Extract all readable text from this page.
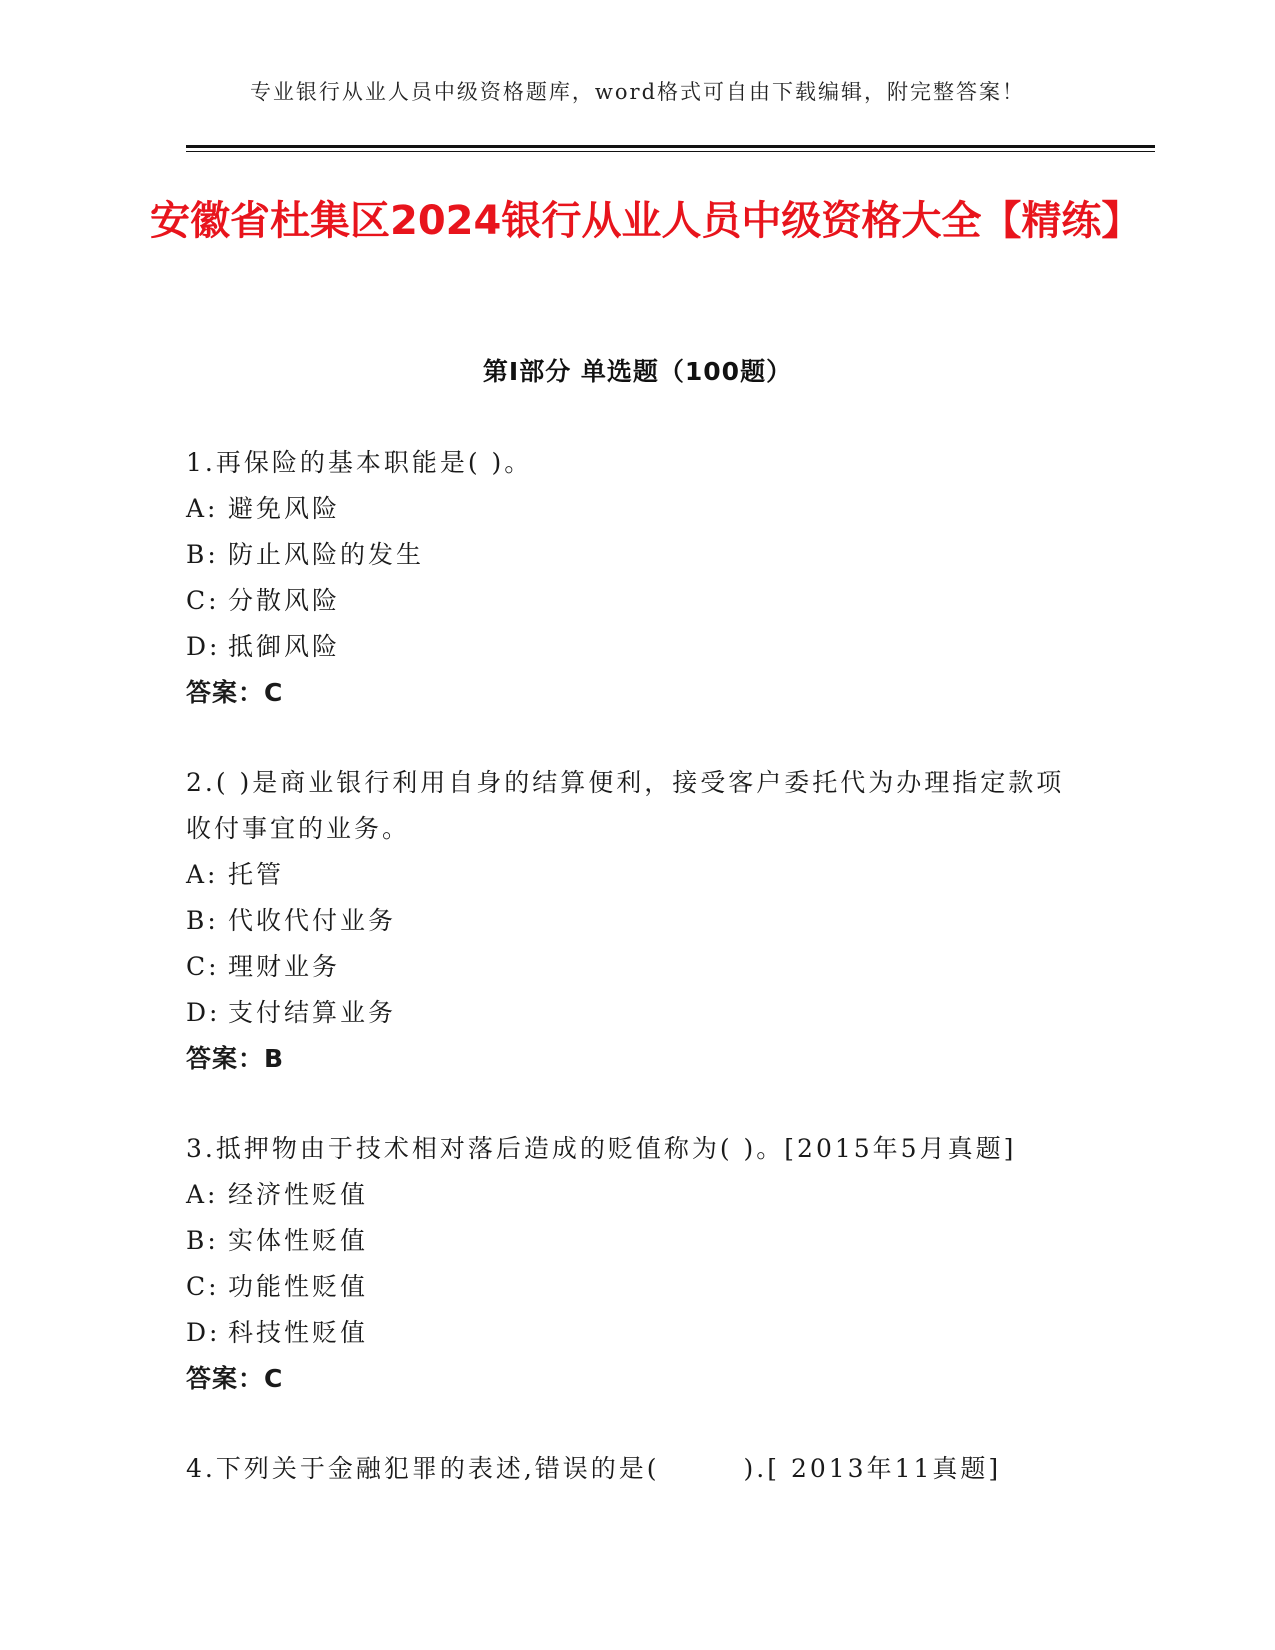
专业银行从业人员中级资格题库，word格式可自由下载编辑，附完整答案！
安徽省杜集区2024银行从业人员中级资格大全【精练】
第Ⅰ部分 单选题（100题）
1.再保险的基本职能是( )。
A: 避免风险
B: 防止风险的发生
C: 分散风险
D: 抵御风险
答案：C
2.( )是商业银行利用自身的结算便利，接受客户委托代为办理指定款项收付事宜的业务。
A: 托管
B: 代收代付业务
C: 理财业务
D: 支付结算业务
答案：B
3.抵押物由于技术相对落后造成的贬值称为( )。[2015年5月真题]
A: 经济性贬值
B: 实体性贬值
C: 功能性贬值
D: 科技性贬值
答案：C
4.下列关于金融犯罪的表述,错误的是(　　　).[ 2013年11真题]
